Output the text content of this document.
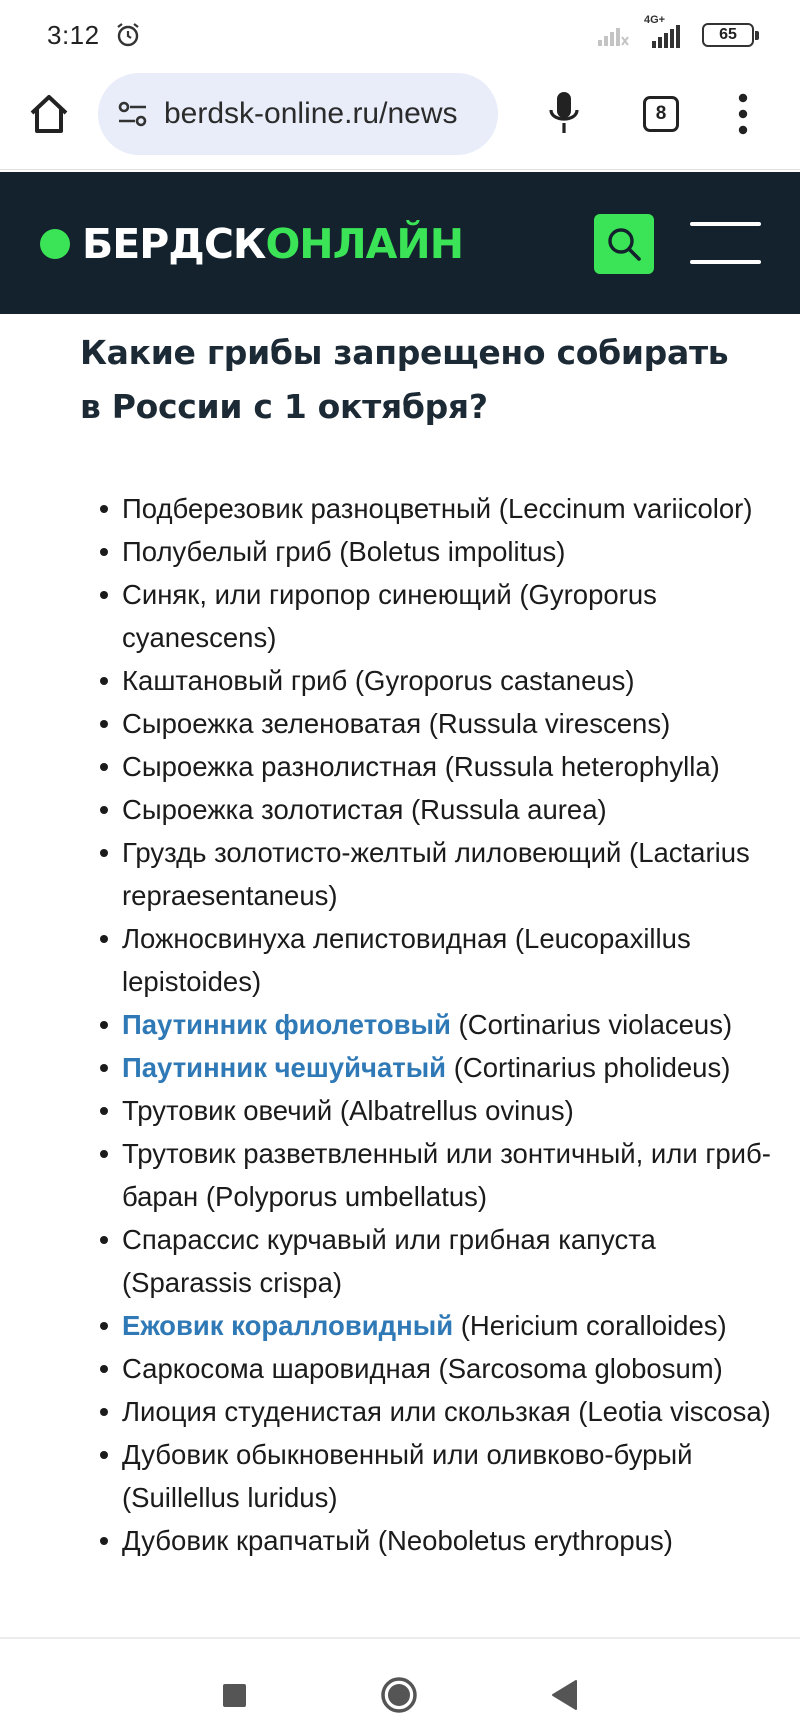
3:12	4G+
65
berdsk-online.ru/news	8
БЕРДСК ОНЛАЙН
Какие грибы запрещено собирать в России с 1 октября?
Подберезовик разноцветный (Leccinum variicolor)
Полубелый гриб (Boletus impolitus)
Синяк, или гиропор синеющий (Gyroporus cyanescens)
Каштановый гриб (Gyroporus castaneus)
Сыроежка зеленоватая (Russula virescens)
Сыроежка разнолистная (Russula heterophylla)
Сыроежка золотистая (Russula aurea)
Груздь золотисто-желтый лиловеющий (Lactarius repraesentaneus)
Ложносвинуха лепистовидная (Leucopaxillus lepistoides)
Паутинник фиолетовый (Cortinarius violaceus)
Паутинник чешуйчатый (Cortinarius pholideus)
Трутовик овечий (Albatrellus ovinus)
Трутовик разветвленный или зонтичный, или гриб-баран (Polyporus umbellatus)
Спарассис курчавый или грибная капуста (Sparassis crispa)
Ежовик коралловидный (Hericium coralloides)
Саркосома шаровидная (Sarcosoma globosum)
Лиоция студенистая или скользкая (Leotia viscosa)
Дубовик обыкновенный или оливково-бурый (Suillellus luridus)
Дубовик крапчатый (Neoboletus erythropus)
